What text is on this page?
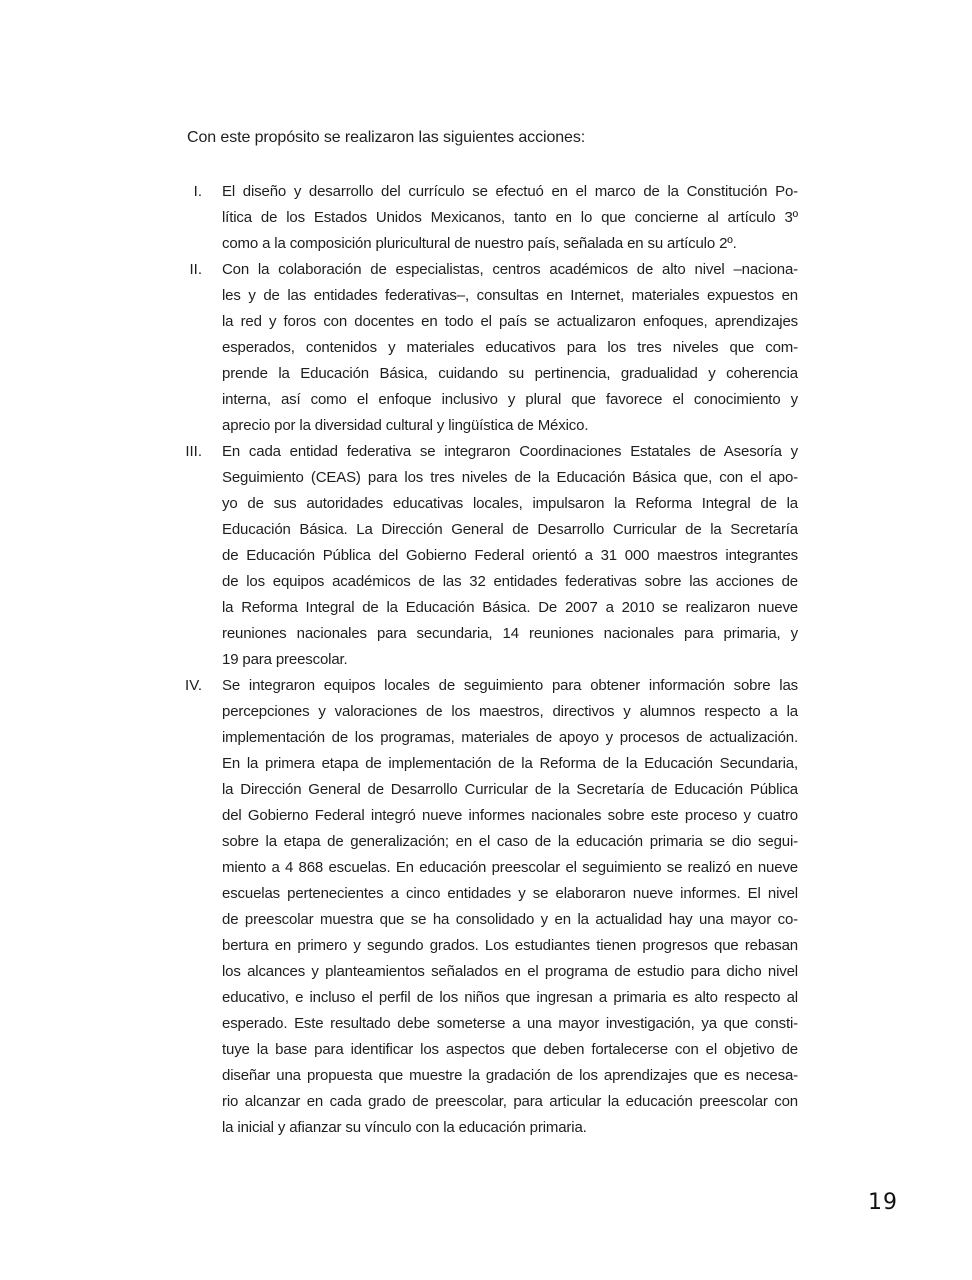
Con este propósito se realizaron las siguientes acciones:

I. El diseño y desarrollo del currículo se efectuó en el marco de la Constitución Po-
lítica de los Estados Unidos Mexicanos, tanto en lo que concierne al artículo 3º
como a la composición pluricultural de nuestro país, señalada en su artículo 2º.
II. Con la colaboración de especialistas, centros académicos de alto nivel –naciona-
les y de las entidades federativas–, consultas en Internet, materiales expuestos en
la red y foros con docentes en todo el país se actualizaron enfoques, aprendizajes
esperados, contenidos y materiales educativos para los tres niveles que com-
prende la Educación Básica, cuidando su pertinencia, gradualidad y coherencia
interna, así como el enfoque inclusivo y plural que favorece el conocimiento y
aprecio por la diversidad cultural y lingüística de México.
III. En cada entidad federativa se integraron Coordinaciones Estatales de Asesoría y
Seguimiento (CEAS) para los tres niveles de la Educación Básica que, con el apo-
yo de sus autoridades educativas locales, impulsaron la Reforma Integral de la
Educación Básica. La Dirección General de Desarrollo Curricular de la Secretaría
de Educación Pública del Gobierno Federal orientó a 31 000 maestros integrantes
de los equipos académicos de las 32 entidades federativas sobre las acciones de
la Reforma Integral de la Educación Básica. De 2007 a 2010 se realizaron nueve
reuniones nacionales para secundaria, 14 reuniones nacionales para primaria, y
19 para preescolar.
IV. Se integraron equipos locales de seguimiento para obtener información sobre las
percepciones y valoraciones de los maestros, directivos y alumnos respecto a la
implementación de los programas, materiales de apoyo y procesos de actualización.
En la primera etapa de implementación de la Reforma de la Educación Secundaria,
la Dirección General de Desarrollo Curricular de la Secretaría de Educación Pública
del Gobierno Federal integró nueve informes nacionales sobre este proceso y cuatro
sobre la etapa de generalización; en el caso de la educación primaria se dio segui-
miento a 4 868 escuelas. En educación preescolar el seguimiento se realizó en nueve
escuelas pertenecientes a cinco entidades y se elaboraron nueve informes. El nivel
de preescolar muestra que se ha consolidado y en la actualidad hay una mayor co-
bertura en primero y segundo grados. Los estudiantes tienen progresos que rebasan
los alcances y planteamientos señalados en el programa de estudio para dicho nivel
educativo, e incluso el perfil de los niños que ingresan a primaria es alto respecto al
esperado. Este resultado debe someterse a una mayor investigación, ya que consti-
tuye la base para identificar los aspectos que deben fortalecerse con el objetivo de
diseñar una propuesta que muestre la gradación de los aprendizajes que es necesa-
rio alcanzar en cada grado de preescolar, para articular la educación preescolar con
la inicial y afianzar su vínculo con la educación primaria.
19
